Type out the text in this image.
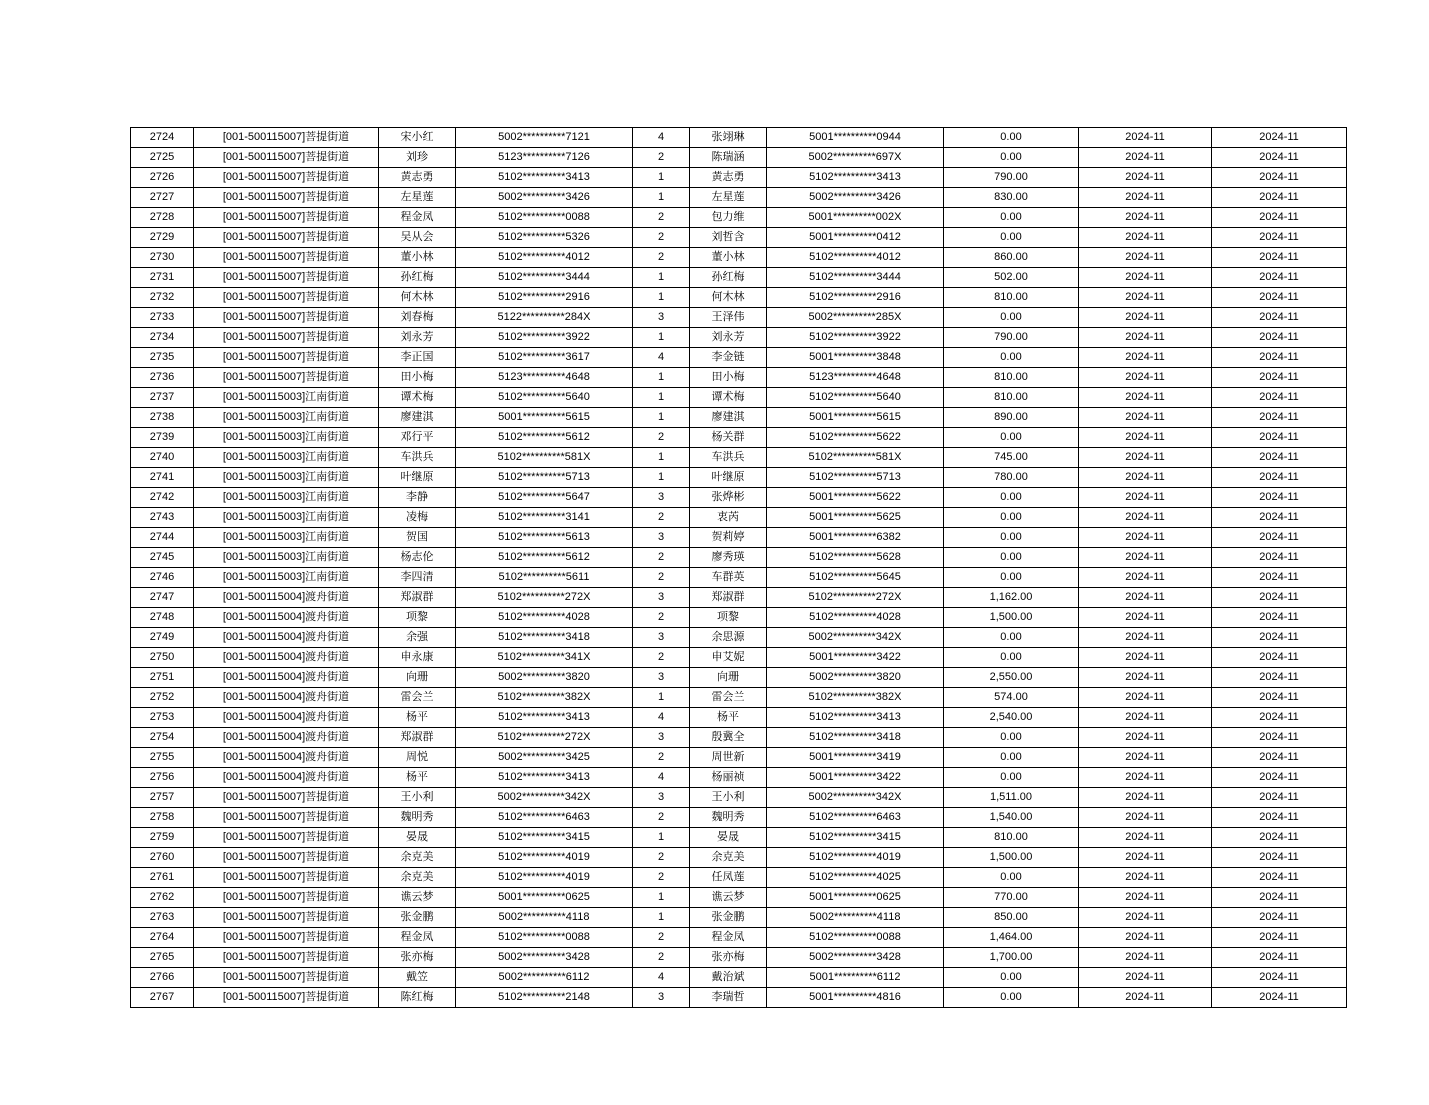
2724	[001-500115007]菩提街道	宋小红	5002**********7121	4	张翊琳	5001**********0944	0.00	2024-11	2024-11
2725	[001-500115007]菩提街道	刘珍	5123**********7126	2	陈瑞涵	5002**********697X	0.00	2024-11	2024-11
2726	[001-500115007]菩提街道	黄志勇	5102**********3413	1	黄志勇	5102**********3413	790.00	2024-11	2024-11
2727	[001-500115007]菩提街道	左星莲	5002**********3426	1	左星莲	5002**********3426	830.00	2024-11	2024-11
2728	[001-500115007]菩提街道	程金凤	5102**********0088	2	包力维	5001**********002X	0.00	2024-11	2024-11
2729	[001-500115007]菩提街道	吴从会	5102**********5326	2	刘哲含	5001**********0412	0.00	2024-11	2024-11
2730	[001-500115007]菩提街道	董小林	5102**********4012	2	董小林	5102**********4012	860.00	2024-11	2024-11
2731	[001-500115007]菩提街道	孙红梅	5102**********3444	1	孙红梅	5102**********3444	502.00	2024-11	2024-11
2732	[001-500115007]菩提街道	何木林	5102**********2916	1	何木林	5102**********2916	810.00	2024-11	2024-11
2733	[001-500115007]菩提街道	刘春梅	5122**********284X	3	王泽伟	5002**********285X	0.00	2024-11	2024-11
2734	[001-500115007]菩提街道	刘永芳	5102**********3922	1	刘永芳	5102**********3922	790.00	2024-11	2024-11
2735	[001-500115007]菩提街道	李正国	5102**********3617	4	李金链	5001**********3848	0.00	2024-11	2024-11
2736	[001-500115007]菩提街道	田小梅	5123**********4648	1	田小梅	5123**********4648	810.00	2024-11	2024-11
2737	[001-500115003]江南街道	谭术梅	5102**********5640	1	谭术梅	5102**********5640	810.00	2024-11	2024-11
2738	[001-500115003]江南街道	廖建淇	5001**********5615	1	廖建淇	5001**********5615	890.00	2024-11	2024-11
2739	[001-500115003]江南街道	邓行平	5102**********5612	2	杨关群	5102**********5622	0.00	2024-11	2024-11
2740	[001-500115003]江南街道	车洪兵	5102**********581X	1	车洪兵	5102**********581X	745.00	2024-11	2024-11
2741	[001-500115003]江南街道	叶继原	5102**********5713	1	叶继原	5102**********5713	780.00	2024-11	2024-11
2742	[001-500115003]江南街道	李静	5102**********5647	3	张烨彬	5001**********5622	0.00	2024-11	2024-11
2743	[001-500115003]江南街道	凌梅	5102**********3141	2	衷芮	5001**********5625	0.00	2024-11	2024-11
2744	[001-500115003]江南街道	贺国	5102**********5613	3	贺莉婷	5001**********6382	0.00	2024-11	2024-11
2745	[001-500115003]江南街道	杨志伦	5102**********5612	2	廖秀瑛	5102**********5628	0.00	2024-11	2024-11
2746	[001-500115003]江南街道	李四清	5102**********5611	2	车群英	5102**********5645	0.00	2024-11	2024-11
2747	[001-500115004]渡舟街道	郑淑群	5102**********272X	3	郑淑群	5102**********272X	1,162.00	2024-11	2024-11
2748	[001-500115004]渡舟街道	项黎	5102**********4028	2	项黎	5102**********4028	1,500.00	2024-11	2024-11
2749	[001-500115004]渡舟街道	余强	5102**********3418	3	余思源	5002**********342X	0.00	2024-11	2024-11
2750	[001-500115004]渡舟街道	申永康	5102**********341X	2	申艾妮	5001**********3422	0.00	2024-11	2024-11
2751	[001-500115004]渡舟街道	向珊	5002**********3820	3	向珊	5002**********3820	2,550.00	2024-11	2024-11
2752	[001-500115004]渡舟街道	雷会兰	5102**********382X	1	雷会兰	5102**********382X	574.00	2024-11	2024-11
2753	[001-500115004]渡舟街道	杨平	5102**********3413	4	杨平	5102**********3413	2,540.00	2024-11	2024-11
2754	[001-500115004]渡舟街道	郑淑群	5102**********272X	3	殷冀全	5102**********3418	0.00	2024-11	2024-11
2755	[001-500115004]渡舟街道	周悦	5002**********3425	2	周世新	5001**********3419	0.00	2024-11	2024-11
2756	[001-500115004]渡舟街道	杨平	5102**********3413	4	杨丽祯	5001**********3422	0.00	2024-11	2024-11
2757	[001-500115007]菩提街道	王小利	5002**********342X	3	王小利	5002**********342X	1,511.00	2024-11	2024-11
2758	[001-500115007]菩提街道	魏明秀	5102**********6463	2	魏明秀	5102**********6463	1,540.00	2024-11	2024-11
2759	[001-500115007]菩提街道	晏晟	5102**********3415	1	晏晟	5102**********3415	810.00	2024-11	2024-11
2760	[001-500115007]菩提街道	余克美	5102**********4019	2	余克美	5102**********4019	1,500.00	2024-11	2024-11
2761	[001-500115007]菩提街道	余克美	5102**********4019	2	任凤莲	5102**********4025	0.00	2024-11	2024-11
2762	[001-500115007]菩提街道	谯云梦	5001**********0625	1	谯云梦	5001**********0625	770.00	2024-11	2024-11
2763	[001-500115007]菩提街道	张金鹏	5002**********4118	1	张金鹏	5002**********4118	850.00	2024-11	2024-11
2764	[001-500115007]菩提街道	程金凤	5102**********0088	2	程金凤	5102**********0088	1,464.00	2024-11	2024-11
2765	[001-500115007]菩提街道	张亦梅	5002**********3428	2	张亦梅	5002**********3428	1,700.00	2024-11	2024-11
2766	[001-500115007]菩提街道	戴笠	5002**********6112	4	戴治斌	5001**********6112	0.00	2024-11	2024-11
2767	[001-500115007]菩提街道	陈红梅	5102**********2148	3	李瑞哲	5001**********4816	0.00	2024-11	2024-11
